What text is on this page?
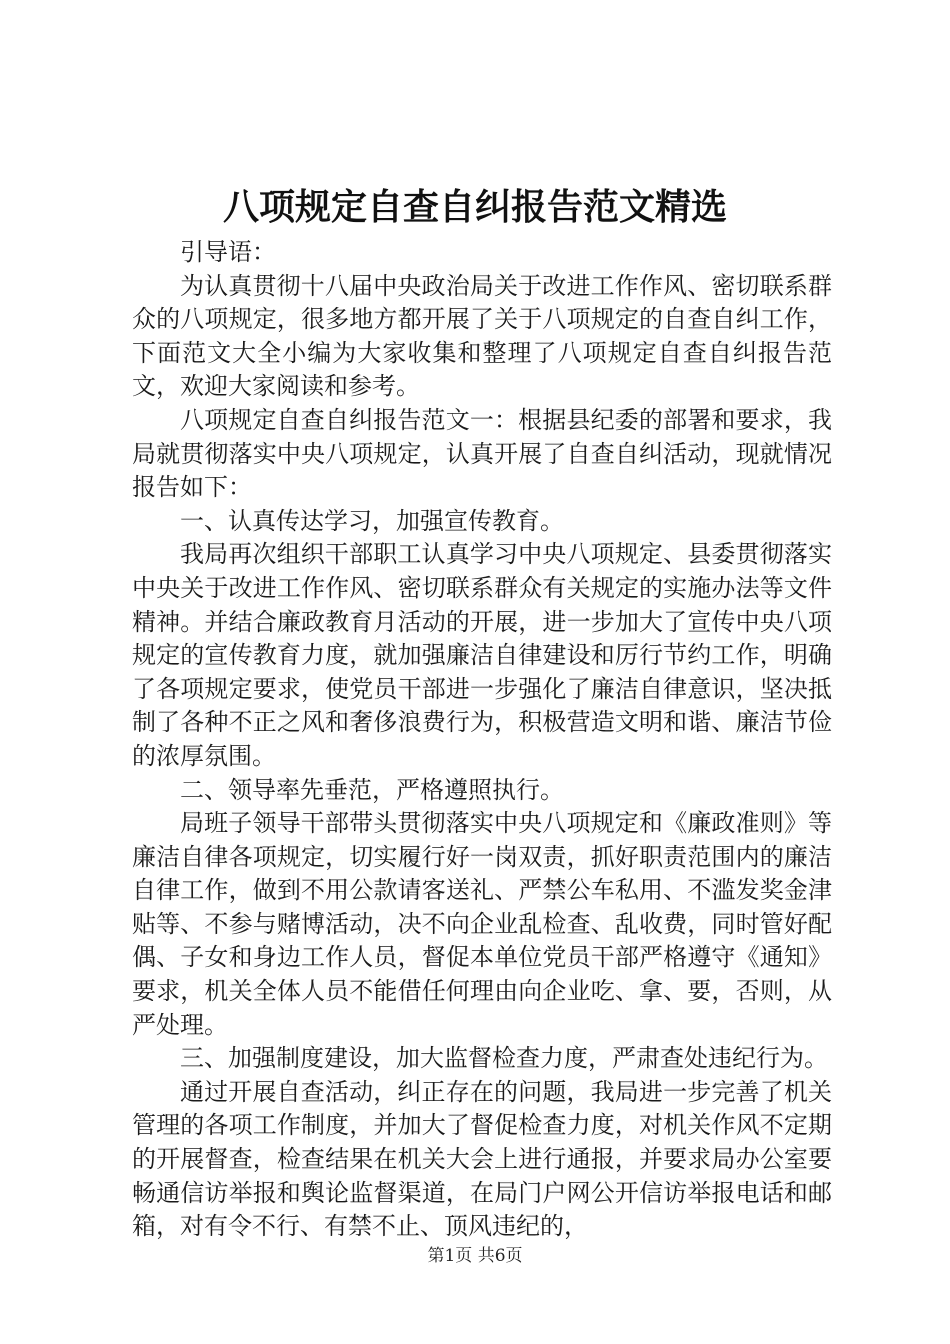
八项规定自查自纠报告范文精选

引导语：

为认真贯彻十八届中央政治局关于改进工作作风、密切联系群众的八项规定，很多地方都开展了关于八项规定的自查自纠工作，下面范文大全小编为大家收集和整理了八项规定自查自纠报告范文，欢迎大家阅读和参考。

八项规定自查自纠报告范文一：根据县纪委的部署和要求，我局就贯彻落实中央八项规定，认真开展了自查自纠活动，现就情况报告如下：

一、认真传达学习，加强宣传教育。

我局再次组织干部职工认真学习中央八项规定、县委贯彻落实中央关于改进工作作风、密切联系群众有关规定的实施办法等文件精神。并结合廉政教育月活动的开展，进一步加大了宣传中央八项规定的宣传教育力度，就加强廉洁自律建设和厉行节约工作，明确了各项规定要求，使党员干部进一步强化了廉洁自律意识，坚决抵制了各种不正之风和奢侈浪费行为，积极营造文明和谐、廉洁节俭的浓厚氛围。

二、领导率先垂范，严格遵照执行。

局班子领导干部带头贯彻落实中央八项规定和《廉政准则》等廉洁自律各项规定，切实履行好一岗双责，抓好职责范围内的廉洁自律工作，做到不用公款请客送礼、严禁公车私用、不滥发奖金津贴等、不参与赌博活动，决不向企业乱检查、乱收费，同时管好配偶、子女和身边工作人员，督促本单位党员干部严格遵守《通知》要求，机关全体人员不能借任何理由向企业吃、拿、要，否则，从严处理。

三、加强制度建设，加大监督检查力度，严肃查处违纪行为。

通过开展自查活动，纠正存在的问题，我局进一步完善了机关管理的各项工作制度，并加大了督促检查力度，对机关作风不定期的开展督查，检查结果在机关大会上进行通报，并要求局办公室要畅通信访举报和舆论监督渠道，在局门户网公开信访举报电话和邮箱，对有令不行、有禁不止、顶风违纪的，

第1页 共6页
